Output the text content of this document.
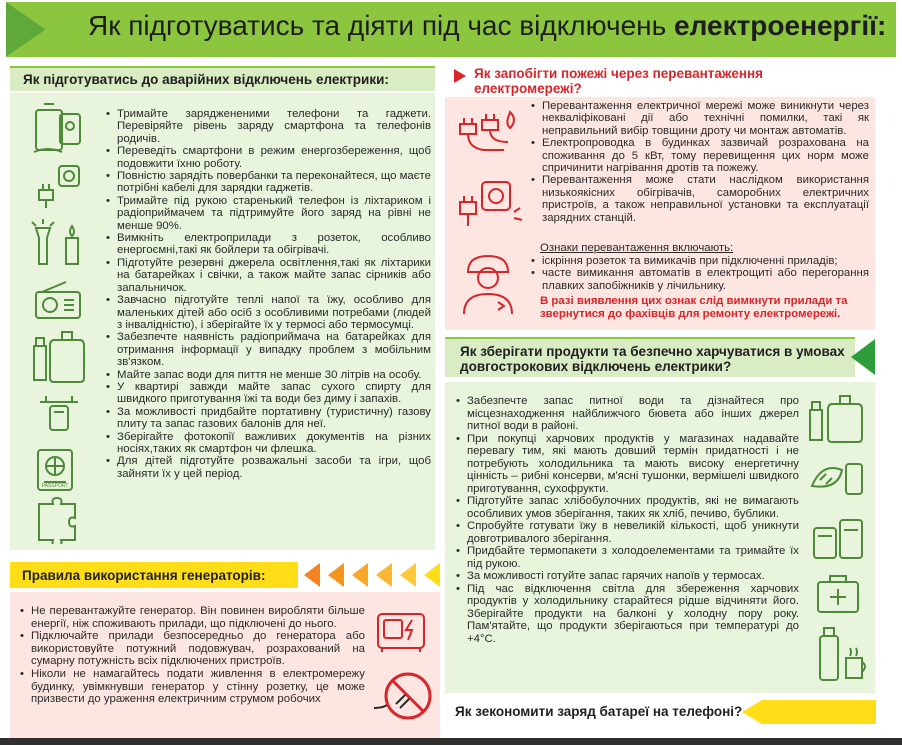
Як підготуватись та діяти під час відключень електроенергії:
Як підготуватись до аварійних відключень електрики:
PASSPORT
• Тримайте заряджененими телефони та гаджети. Перевіряйте рівень заряду смартфона та телефонів родичів.
• Переведіть смартфони в режим енергозбереження, щоб подовжити їхню роботу.
• Повністю зарядіть повербанки та переконайтеся, що маєте потрібні кабелі для зарядки гаджетів.
• Тримайте під рукою старенький телефон із ліхтариком і радіоприймачем та підтримуйте його заряд на рівні не менше 90%.
• Вимкніть електроприлади з розеток, особливо енергоємні,такі як бойлери та обігрівачі.
• Підготуйте резервні джерела освітлення,такі як ліхтарики на батарейках і свічки, а також майте запас сірників або запальничок.
• Завчасно підготуйте теплі напої та їжу, особливо для маленьких дітей або осіб з особливими потребами (людей з інвалідністю), і зберігайте їх у термосі або термосумці.
• Забезпечте наявність радіоприймача на батарейках для отримання інформації у випадку проблем з мобільним зв'язком.
• Майте запас води для пиття не менше 30 літрів на особу.
• У квартирі завжди майте запас сухого спирту для швидкого приготування їжі та води без диму і запахів.
• За можливості придбайте портативну (туристичну) газову плиту та запас газових балонів для неї.
• Зберігайте фотокопії важливих документів на різних носіях,таких як смартфон чи флешка.
• Для дітей підготуйте розважальні засоби та ігри, щоб зайняти їх у цей період.
Правила використання генераторів:
• Не перевантажуйте генератор. Він повинен виробляти більше енергії, ніж споживають прилади, що підключені до нього.
• Підключайте прилади безпосередньо до генератора або використовуйте потужний подовжувач, розрахований на сумарну потужність всіх підключених пристроїв.
• Ніколи не намагайтесь подати живлення в електромережу будинку, увімкнувши генератор у стінну розетку, це може призвести до ураження електричним струмом робочих
Як запобігти пожежі через перевантаження електромережі?
• Перевантаження електричної мережі може виникнути через некваліфіковані дії або технічні помилки, такі як неправильний вибір товщини дроту чи монтаж автоматів.
• Електропроводка в будинках зазвичай розрахована на споживання до 5 кВт, тому перевищення цих норм може спричинити нагрівання дротів та пожежу.
• Перевантаження може стати наслідком використання низькоякісних обігрівачів, саморобних електричних пристроїв, а також неправильної установки та експлуатації зарядних станцій.
Ознаки перевантаження включають:
• іскріння розеток та вимикачів при підключенні приладів;
• часте вимикання автоматів в електрощиті або перегорання плавких запобіжників у лічильнику.
В разі виявлення цих ознак слід вимкнути прилади та звернутися до фахівців для ремонту електромережі.
Як зберігати продукти та безпечно харчуватися в умовах довгострокових відключень електрики?
• Забезпечте запас питної води та дізнайтеся про місцезнаходження найближчого бювета або інших джерел питної води в районі.
• При покупці харчових продуктів у магазинах надавайте перевагу тим, які мають довший термін придатності і не потребують холодильника та мають високу енергетичну цінність – рибні консерви, м'ясні тушонки, вермішелі швидкого приготування, сухофрукти.
• Підготуйте запас хлібобулочних продуктів, які не вимагають особливих умов зберігання, таких як хліб, печиво, бублики.
• Спробуйте готувати їжу в невеликій кількості, щоб уникнути довготривалого зберігання.
• Придбайте термопакети з холодоелементами та тримайте їх під рукою.
• За можливості готуйте запас гарячих напоїв у термосах.
• Під час відключення світла для збереження харчових продуктів у холодильнику старайтеся рідше відчиняти його. Зберігайте продукти на балконі у холодну пору року. Пам'ятайте, що продукти зберігаються при температурі до +4°C.
Як зекономити заряд батареї на телефоні?
